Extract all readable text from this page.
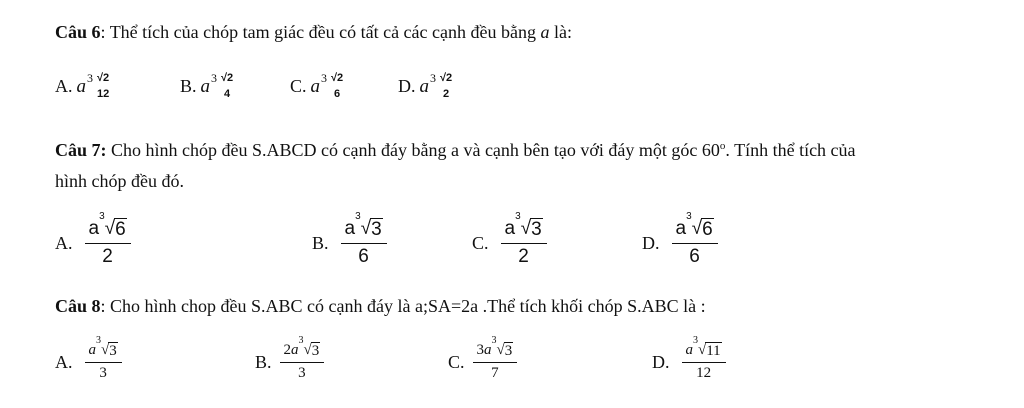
Câu 6: Thể tích của chóp tam giác đều có tất cả các cạnh đều bằng a là:
A. a 3 √2
12	B. a 3 √2
4	C. a 3 √2
6	D. a 3 √2
2
Câu 7: Cho hình chóp đều S.ABCD có cạnh đáy bằng a và cạnh bên tạo với đáy một góc 60$^o$. Tính thể tích của
hình chóp đều đó.
A. a
3
√ 6
2	B. a
3
√ 3
6	C. a
3
√ 3
2	D. a
3
√ 6
6
Câu 8: Cho hình chop đều S.ABC có cạnh đáy là a;SA=2a .Thể tích khối chóp S.ABC là :
A. a
3
√ 3
3	B. 2 a
3
√ 3
3	C. 3 a
3
√ 3
7	D. a
3
√ 11
12
